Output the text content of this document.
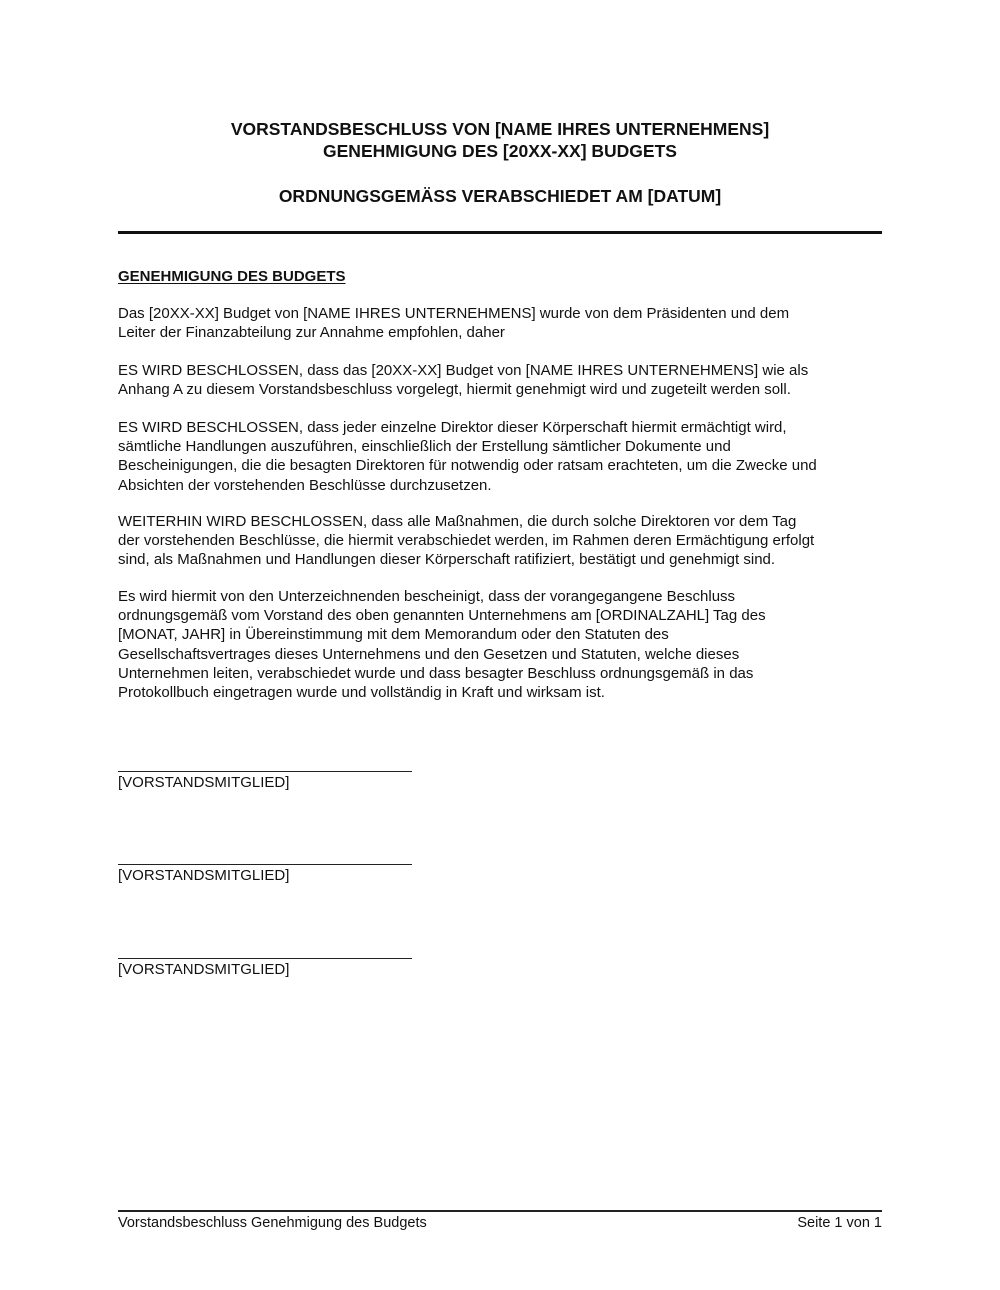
VORSTANDSBESCHLUSS VON [NAME IHRES UNTERNEHMENS]
GENEHMIGUNG DES [20XX-XX] BUDGETS
ORDNUNGSGEMÄSS VERABSCHIEDET AM [DATUM]
GENEHMIGUNG DES BUDGETS

Das [20XX-XX] Budget von [NAME IHRES UNTERNEHMENS] wurde von dem Präsidenten und dem
Leiter der Finanzabteilung zur Annahme empfohlen, daher

ES WIRD BESCHLOSSEN, dass das [20XX-XX] Budget von [NAME IHRES UNTERNEHMENS] wie als
Anhang A zu diesem Vorstandsbeschluss vorgelegt, hiermit genehmigt wird und zugeteilt werden soll.

ES WIRD BESCHLOSSEN, dass jeder einzelne Direktor dieser Körperschaft hiermit ermächtigt wird,
sämtliche Handlungen auszuführen, einschließlich der Erstellung sämtlicher Dokumente und
Bescheinigungen, die die besagten Direktoren für notwendig oder ratsam erachteten, um die Zwecke und
Absichten der vorstehenden Beschlüsse durchzusetzen.

WEITERHIN WIRD BESCHLOSSEN, dass alle Maßnahmen, die durch solche Direktoren vor dem Tag
der vorstehenden Beschlüsse, die hiermit verabschiedet werden, im Rahmen deren Ermächtigung erfolgt
sind, als Maßnahmen und Handlungen dieser Körperschaft ratifiziert, bestätigt und genehmigt sind.

Es wird hiermit von den Unterzeichnenden bescheinigt, dass der vorangegangene Beschluss
ordnungsgemäß vom Vorstand des oben genannten Unternehmens am [ORDINALZAHL] Tag des
[MONAT, JAHR] in Übereinstimmung mit dem Memorandum oder den Statuten des
Gesellschaftsvertrages dieses Unternehmens und den Gesetzen und Statuten, welche dieses
Unternehmen leiten, verabschiedet wurde und dass besagter Beschluss ordnungsgemäß in das
Protokollbuch eingetragen wurde und vollständig in Kraft und wirksam ist.

[VORSTANDSMITGLIED]
[VORSTANDSMITGLIED]
[VORSTANDSMITGLIED]
Vorstandsbeschluss Genehmigung des Budgets	Seite 1 von 1
